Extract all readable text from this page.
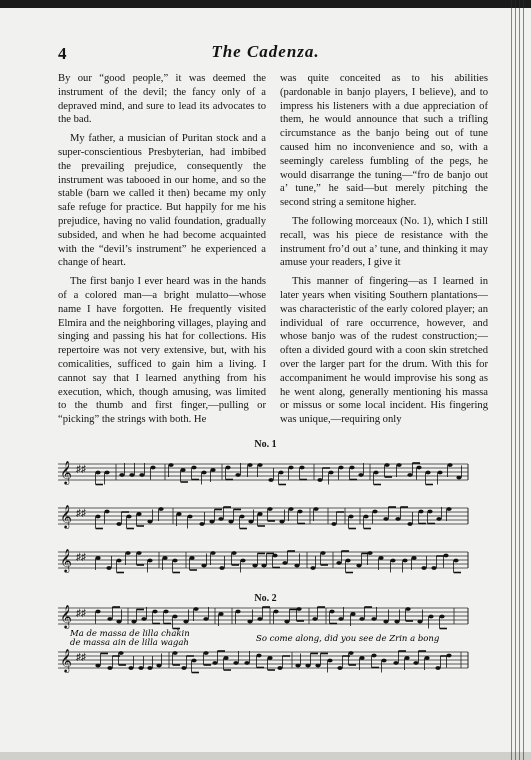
4	The Cadenza.

By our “good people,” it was deemed the instrument of the devil; the fancy only of a depraved mind, and sure to lead its advocates to the bad.

My father, a musician of Puritan stock and a super-conscientious Presbyterian, had imbibed the prevailing prejudice, consequently the instrument was tabooed in our home, and so the stable (barn we called it then) became my only safe refuge for practice. But happily for me his prejudice, having no valid foundation, gradually subsided, and when he had become acquainted with the “devil’s instrument” he experienced a change of heart.

The first banjo I ever heard was in the hands of a colored man—a bright mulatto—whose name I have forgotten. He frequently visited Elmira and the neighboring villages, playing and singing and passing his hat for collections. His repertoire was not very extensive, but, with his comicalities, sufficed to gain him a living. I cannot say that I learned anything from his execution, which, though amusing, was limited to the thumb and first finger,—pulling or “picking” the strings with both. He

was quite conceited as to his abilities (pardonable in banjo players, I believe), and to impress his listeners with a due appreciation of them, he would announce that such a trifling circumstance as the banjo being out of tune caused him no inconvenience and so, with a seemingly careless fumbling of the pegs, he would disarrange the tuning—“fro de banjo out a’ tune,” he said—but merely pitching the second string a semitone higher.

The following morceaux (No. 1), which I still recall, was his piece de resistance with the instrument fro’d out a’ tune, and thinking it may amuse your readers, I give it

This manner of fingering—as I learned in later years when visiting Southern plantations—was characteristic of the early colored player; an individual of rare occurrence, however, and whose banjo was of the rudest construction;—often a divided gourd with a coon skin stretched over the larger part for the drum. With this for accompaniment he would improvise his song as he went along, generally mentioning his massa or missus or some local incident. His fingering was unique,—requiring only

No. 1
𝄞 ♯♯
𝄞 ♯♯
𝄞 ♯♯
No. 2
𝄞 ♯♯
𝄞 ♯♯
Ma de massa de lilla chakin
de massa ain de lilla wagah	So come along, did you see de Zrin a bong
